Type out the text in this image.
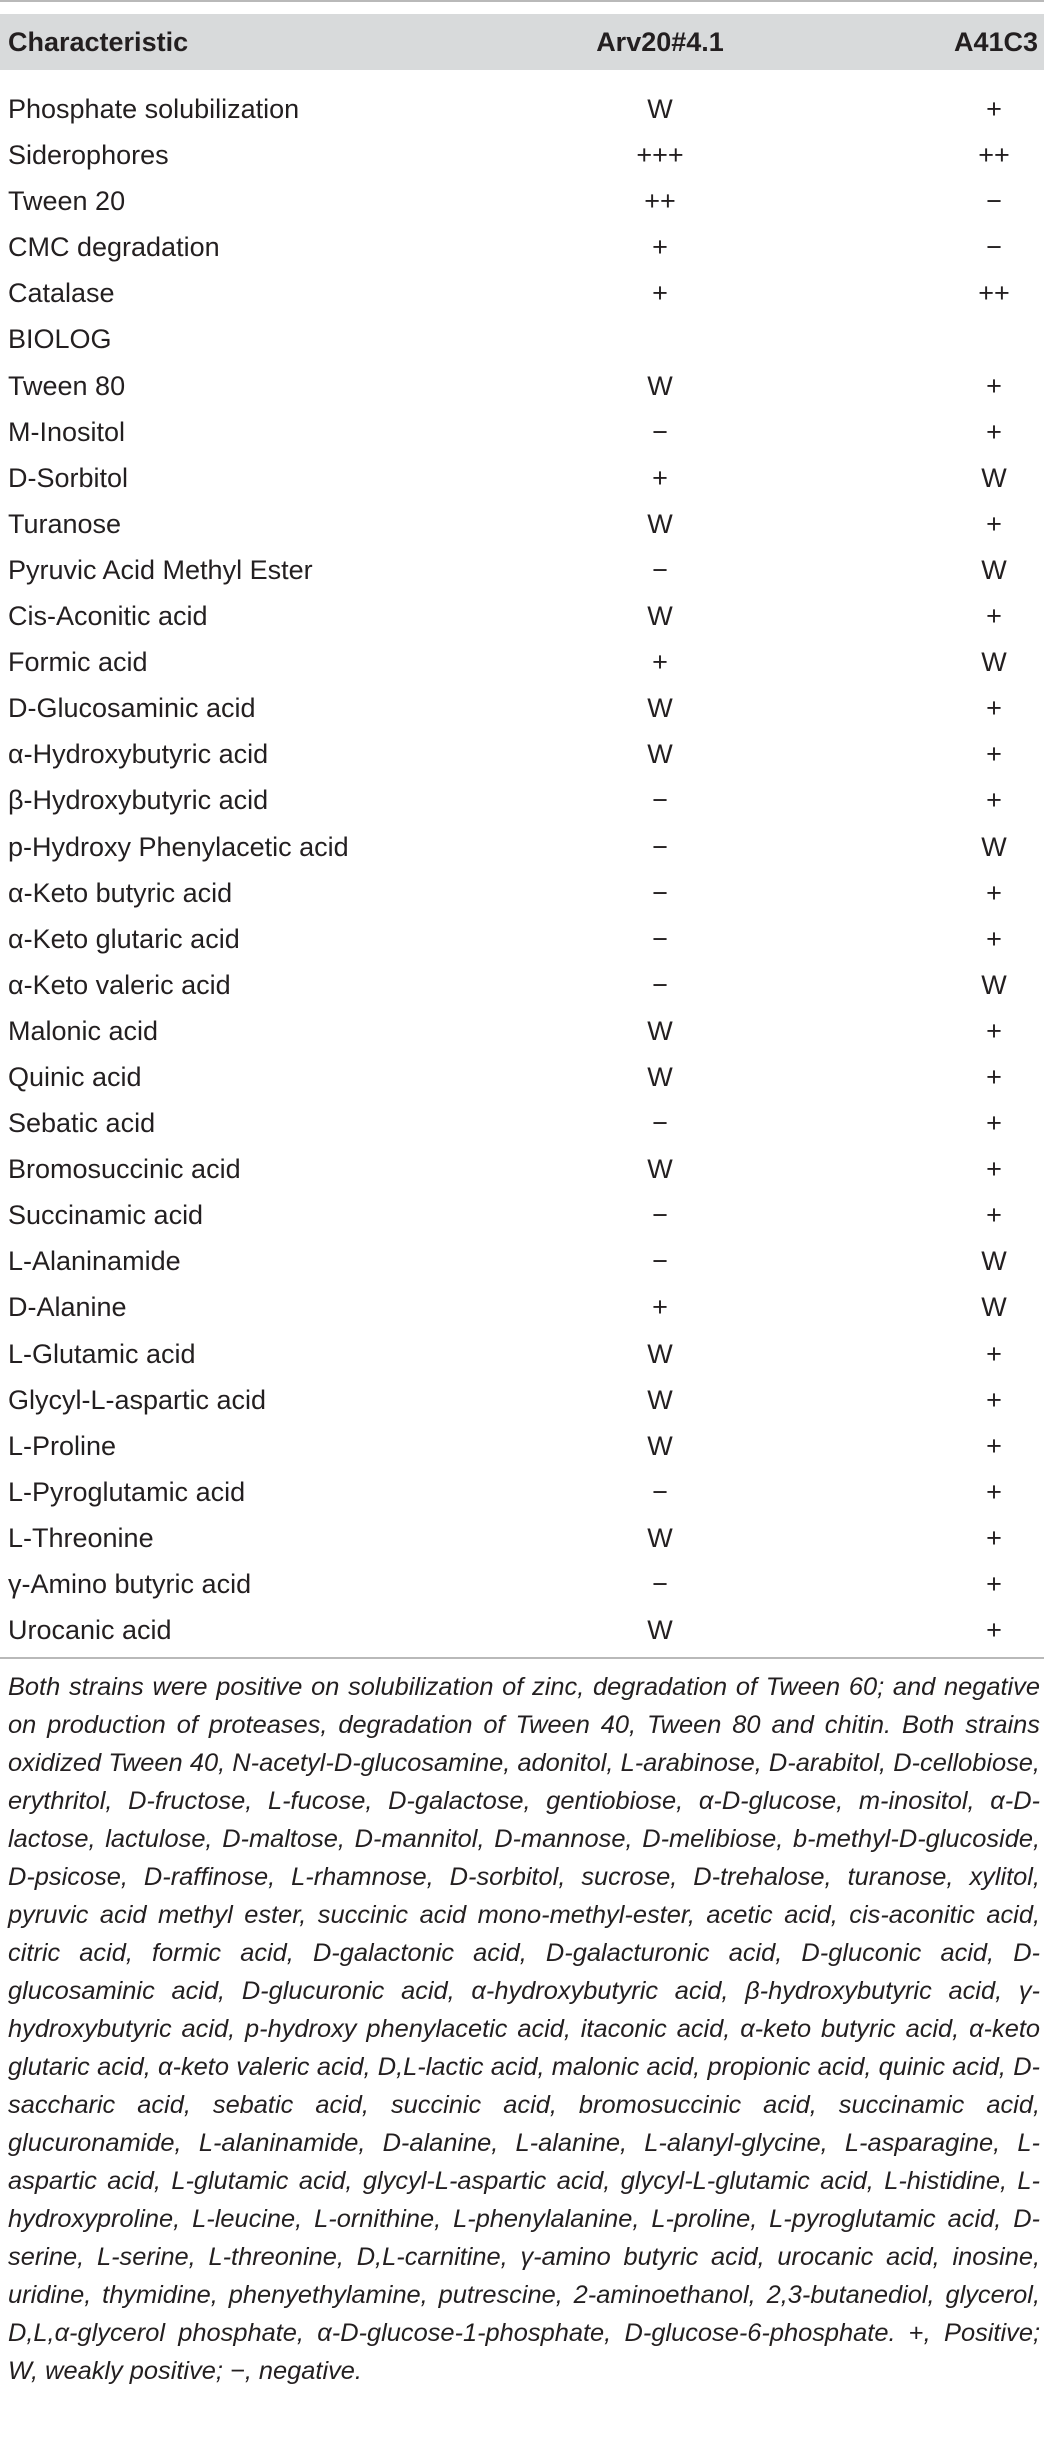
Characteristic	Arv20#4.1	A41C3
Phosphate solubilization	W	+
Siderophores	+++	++
Tween 20	++	−
CMC degradation	+	−
Catalase	+	++
BIOLOG
Tween 80	W	+
M-Inositol	−	+
D-Sorbitol	+	W
Turanose	W	+
Pyruvic Acid Methyl Ester	−	W
Cis-Aconitic acid	W	+
Formic acid	+	W
D-Glucosaminic acid	W	+
α-Hydroxybutyric acid	W	+
β-Hydroxybutyric acid	−	+
p-Hydroxy Phenylacetic acid	−	W
α-Keto butyric acid	−	+
α-Keto glutaric acid	−	+
α-Keto valeric acid	−	W
Malonic acid	W	+
Quinic acid	W	+
Sebatic acid	−	+
Bromosuccinic acid	W	+
Succinamic acid	−	+
L-Alaninamide	−	W
D-Alanine	+	W
L-Glutamic acid	W	+
Glycyl-L-aspartic acid	W	+
L-Proline	W	+
L-Pyroglutamic acid	−	+
L-Threonine	W	+
γ-Amino butyric acid	−	+
Urocanic acid	W	+
Both strains were positive on solubilization of zinc, degradation of Tween 60; and negative on production of proteases, degradation of Tween 40, Tween 80 and chitin. Both strains oxidized Tween 40, N-acetyl-D-glucosamine, adonitol, L-arabinose, D-arabitol, D-cellobiose, erythritol, D-fructose, L-fucose, D-galactose, gentiobiose, α-D-glucose, m-inositol, α-D-lactose, lactulose, D-maltose, D-mannitol, D-mannose, D-melibiose, b-methyl-D-glucoside, D-psicose, D-raffinose, L-rhamnose, D-sorbitol, sucrose, D-trehalose, turanose, xylitol, pyruvic acid methyl ester, succinic acid mono-methyl-ester, acetic acid, cis-aconitic acid, citric acid, formic acid, D-galactonic acid, D-galacturonic acid, D-gluconic acid, D-glucosaminic acid, D-glucuronic acid, α-hydroxybutyric acid, β-hydroxybutyric acid, γ-hydroxybutyric acid, p-hydroxy phenylacetic acid, itaconic acid, α-keto butyric acid, α-keto glutaric acid, α-keto valeric acid, D,L-lactic acid, malonic acid, propionic acid, quinic acid, D-saccharic acid, sebatic acid, succinic acid, bromosuccinic acid, succinamic acid, glucuronamide, L-alaninamide, D-alanine, L-alanine, L-alanyl-glycine, L-asparagine, L-aspartic acid, L-glutamic acid, glycyl-L-aspartic acid, glycyl-L-glutamic acid, L-histidine, L-hydroxyproline, L-leucine, L-ornithine, L-phenylalanine, L-proline, L-pyroglutamic acid, D-serine, L-serine, L-threonine, D,L-carnitine, γ-amino butyric acid, urocanic acid, inosine, uridine, thymidine, phenyethylamine, putrescine, 2-aminoethanol, 2,3-butanediol, glycerol, D,L,α-glycerol phosphate, α-D-glucose-1-phosphate, D-glucose-6-phosphate. +, Positive; W, weakly positive; −, negative.
